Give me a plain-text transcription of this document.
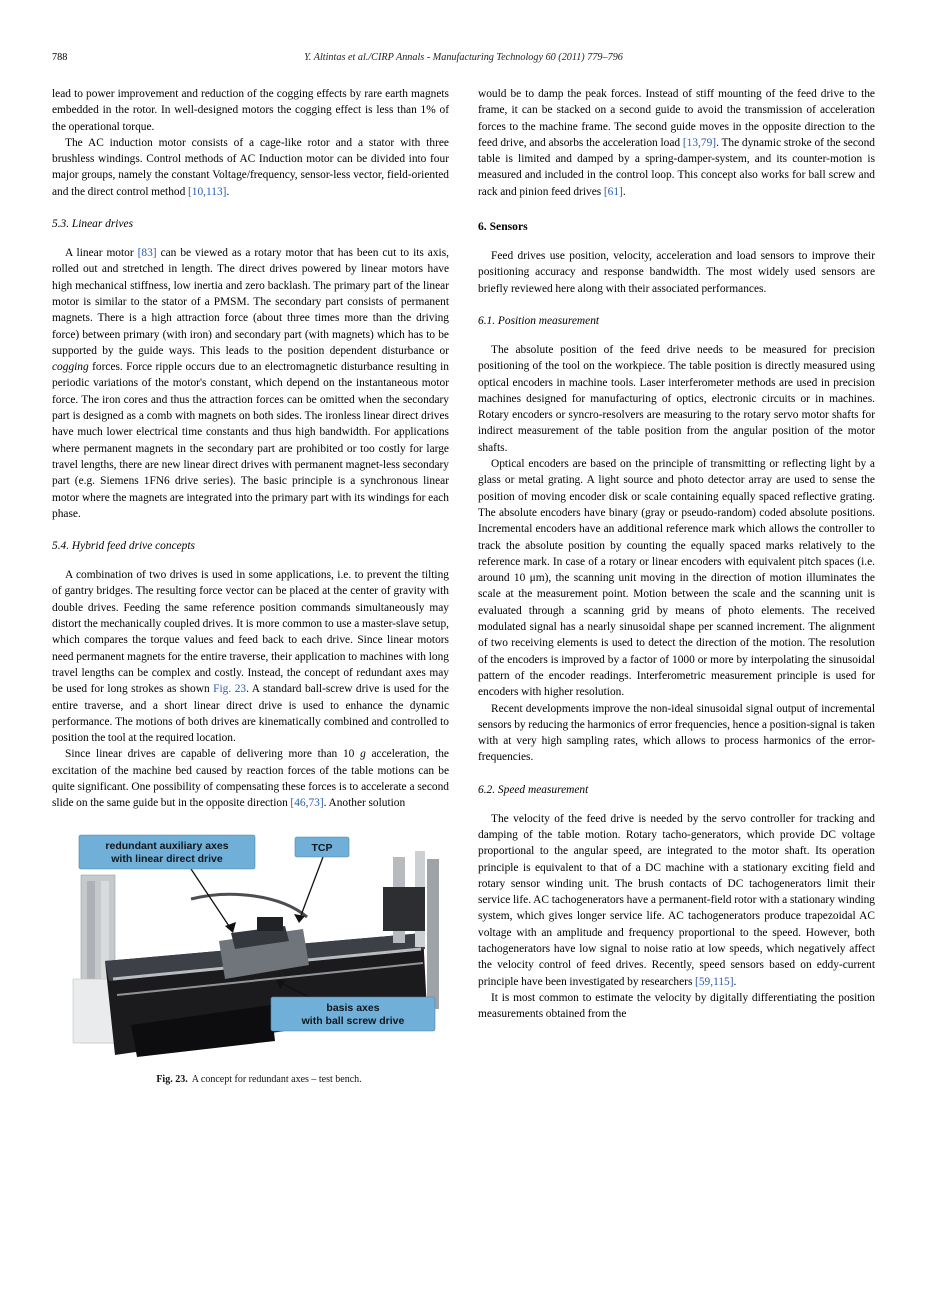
788	Y. Altintas et al./CIRP Annals - Manufacturing Technology 60 (2011) 779–796

lead to power improvement and reduction of the cogging effects by rare earth magnets embedded in the rotor. In well-designed motors the cogging effect is less than 1% of the operational torque.

The AC induction motor consists of a cage-like rotor and a stator with three brushless windings. Control methods of AC Induction motor can be divided into four major groups, namely the constant Voltage/frequency, sensor-less vector, field-oriented and the direct control method [10,113].

5.3. Linear drives

A linear motor [83] can be viewed as a rotary motor that has been cut to its axis, rolled out and stretched in length. The direct drives powered by linear motors have high mechanical stiffness, low inertia and zero backlash. The primary part of the linear motor is similar to the stator of a PMSM. The secondary part consists of permanent magnets. There is a high attraction force (about three times more than the driving force) between primary (with iron) and secondary part (with magnets) which has to be supported by the guide ways. This leads to the position dependent disturbance or cogging forces. Force ripple occurs due to an electromagnetic disturbance resulting in periodic variations of the motor's constant, which depend on the instantaneous motor force. The iron cores and thus the attraction forces can be omitted when the secondary part is designed as a comb with magnets on both sides. The ironless linear direct drives have much lower electrical time constants and thus high bandwidth. For applications where permanent magnets in the secondary part are prohibited or too costly for large travel lengths, there are new linear direct drives with permanent magnet-less secondary part (e.g. Siemens 1FN6 drive series). The basic principle is a synchronous linear motor where the magnets are integrated into the primary part with its windings for each phase.

5.4. Hybrid feed drive concepts

A combination of two drives is used in some applications, i.e. to prevent the tilting of gantry bridges. The resulting force vector can be placed at the center of gravity with double drives. Feeding the same reference position commands simultaneously may distort the mechanically coupled drives. It is more common to use a master-slave setup, which compares the torque values and feed back to each drive. Since linear motors need permanent magnets for the entire traverse, their application to machines with long travel lengths can be complex and costly. Instead, the concept of redundant axes may be used for long strokes as shown Fig. 23. A standard ball-screw drive is used for the entire traverse, and a short linear direct drive is used to enhance the dynamic performance. The motions of both drives are kinematically combined and controlled to position the tool at the required location.

Since linear drives are capable of delivering more than 10 g acceleration, the excitation of the machine bed caused by reaction forces of the table motions can be quite significant. One possibility of compensating these forces is to accelerate a second slide on the same guide but in the opposite direction [46,73]. Another solution

redundant auxiliary axes
with linear direct drive
TCP
basis axes
with ball screw drive
Fig. 23. A concept for redundant axes – test bench.

would be to damp the peak forces. Instead of stiff mounting of the feed drive to the frame, it can be stacked on a second guide to avoid the transmission of acceleration forces to the machine frame. The second guide moves in the opposite direction to the feed drive, and absorbs the acceleration load [13,79]. The dynamic stroke of the second table is limited and damped by a spring-damper-system, and its counter-motion is measured and included in the control loop. This concept also works for ball screw and rack and pinion feed drives [61].

6. Sensors

Feed drives use position, velocity, acceleration and load sensors to improve their positioning accuracy and response bandwidth. The most widely used sensors are briefly reviewed here along with their associated performances.

6.1. Position measurement

The absolute position of the feed drive needs to be measured for precision positioning of the tool on the workpiece. The table position is directly measured using optical encoders in machine tools. Laser interferometer methods are used in precision machines designed for manufacturing of optics, electronic circuits or in machines. Rotary encoders or syncro-resolvers are measuring to the rotary servo motor shafts for indirect measurement of the table position from the angular position of the motor shafts.

Optical encoders are based on the principle of transmitting or reflecting light by a glass or metal grating. A light source and photo detector array are used to sense the position of moving encoder disk or scale containing equally spaced reflective grating. The absolute encoders have binary (gray or pseudo-random) coded absolute positions. Incremental encoders have an additional reference mark which allows the controller to track the absolute position by counting the equally spaced marks relatively to the reference mark. In case of a rotary or linear encoders with equivalent pitch spaces (i.e. around 10 μm), the scanning unit moving in the direction of motion illuminates the scale at the measurement point. Motion between the scale and the scanning unit is evaluated through a scanning grid by means of photo elements. The received modulated signal has a nearly sinusoidal shape per scanned increment. The alignment of two receiving elements is used to detect the direction of the motion. The resolution of the encoders is improved by a factor of 1000 or more by interpolating the sinusoidal pattern of the encoder readings. Interferometric measurement principle is used for encoders with higher resolution.

Recent developments improve the non-ideal sinusoidal signal output of incremental sensors by reducing the harmonics of error frequencies, hence a position-signal is taken with at very high sampling rates, which allows to process harmonics of the error-frequencies.

6.2. Speed measurement

The velocity of the feed drive is needed by the servo controller for tracking and damping of the table motion. Rotary tacho-generators, which provide DC voltage proportional to the angular speed, are integrated to the motor shaft. Its operation principle is equivalent to that of a DC machine with a stationary exciting field and rotary sensor winding unit. The brush contacts of DC tachogenerators limit their service life. AC tachogenerators have a permanent-field rotor with a stationary winding system, which gives longer service life. AC tachogenerators produce trapezoidal AC voltage with an amplitude and frequency proportional to the speed. However, both tachogenerators have low signal to noise ratio at low speeds, which negatively affect the velocity control of feed drives. Recently, speed sensors based on eddy-current principle have been investigated by researchers [59,115].

It is most common to estimate the velocity by digitally differentiating the position measurements obtained from the
